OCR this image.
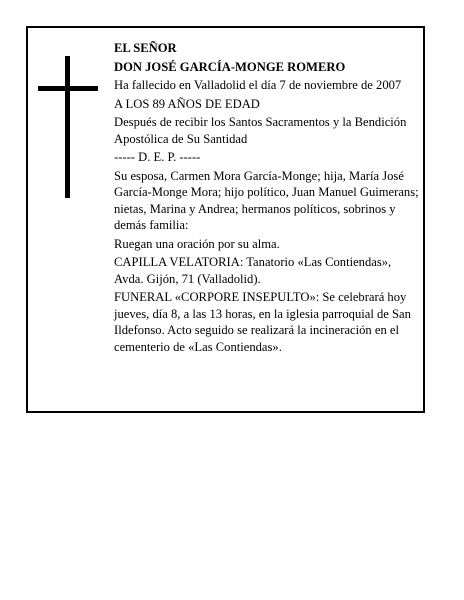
EL SEÑOR

DON JOSÉ GARCÍA-MONGE ROMERO

Ha fallecido en Valladolid el día 7 de noviembre de 2007

A LOS 89 AÑOS DE EDAD

Después de recibir los Santos Sacramentos y la Bendición Apostólica de Su Santidad

----- D. E. P. -----

Su esposa, Carmen Mora García-Monge; hija, María José García-Monge Mora; hijo político, Juan Manuel Guimerans; nietas, Marina y Andrea; hermanos políticos, sobrinos y demás familia:

Ruegan una oración por su alma.

CAPILLA VELATORIA: Tanatorio «Las Contiendas», Avda. Gijón, 71 (Valladolid).

FUNERAL «CORPORE INSEPULTO»: Se celebrará hoy jueves, día 8, a las 13 horas, en la iglesia parroquial de San Ildefonso. Acto seguido se realizará la incineración en el cementerio de «Las Contiendas».
